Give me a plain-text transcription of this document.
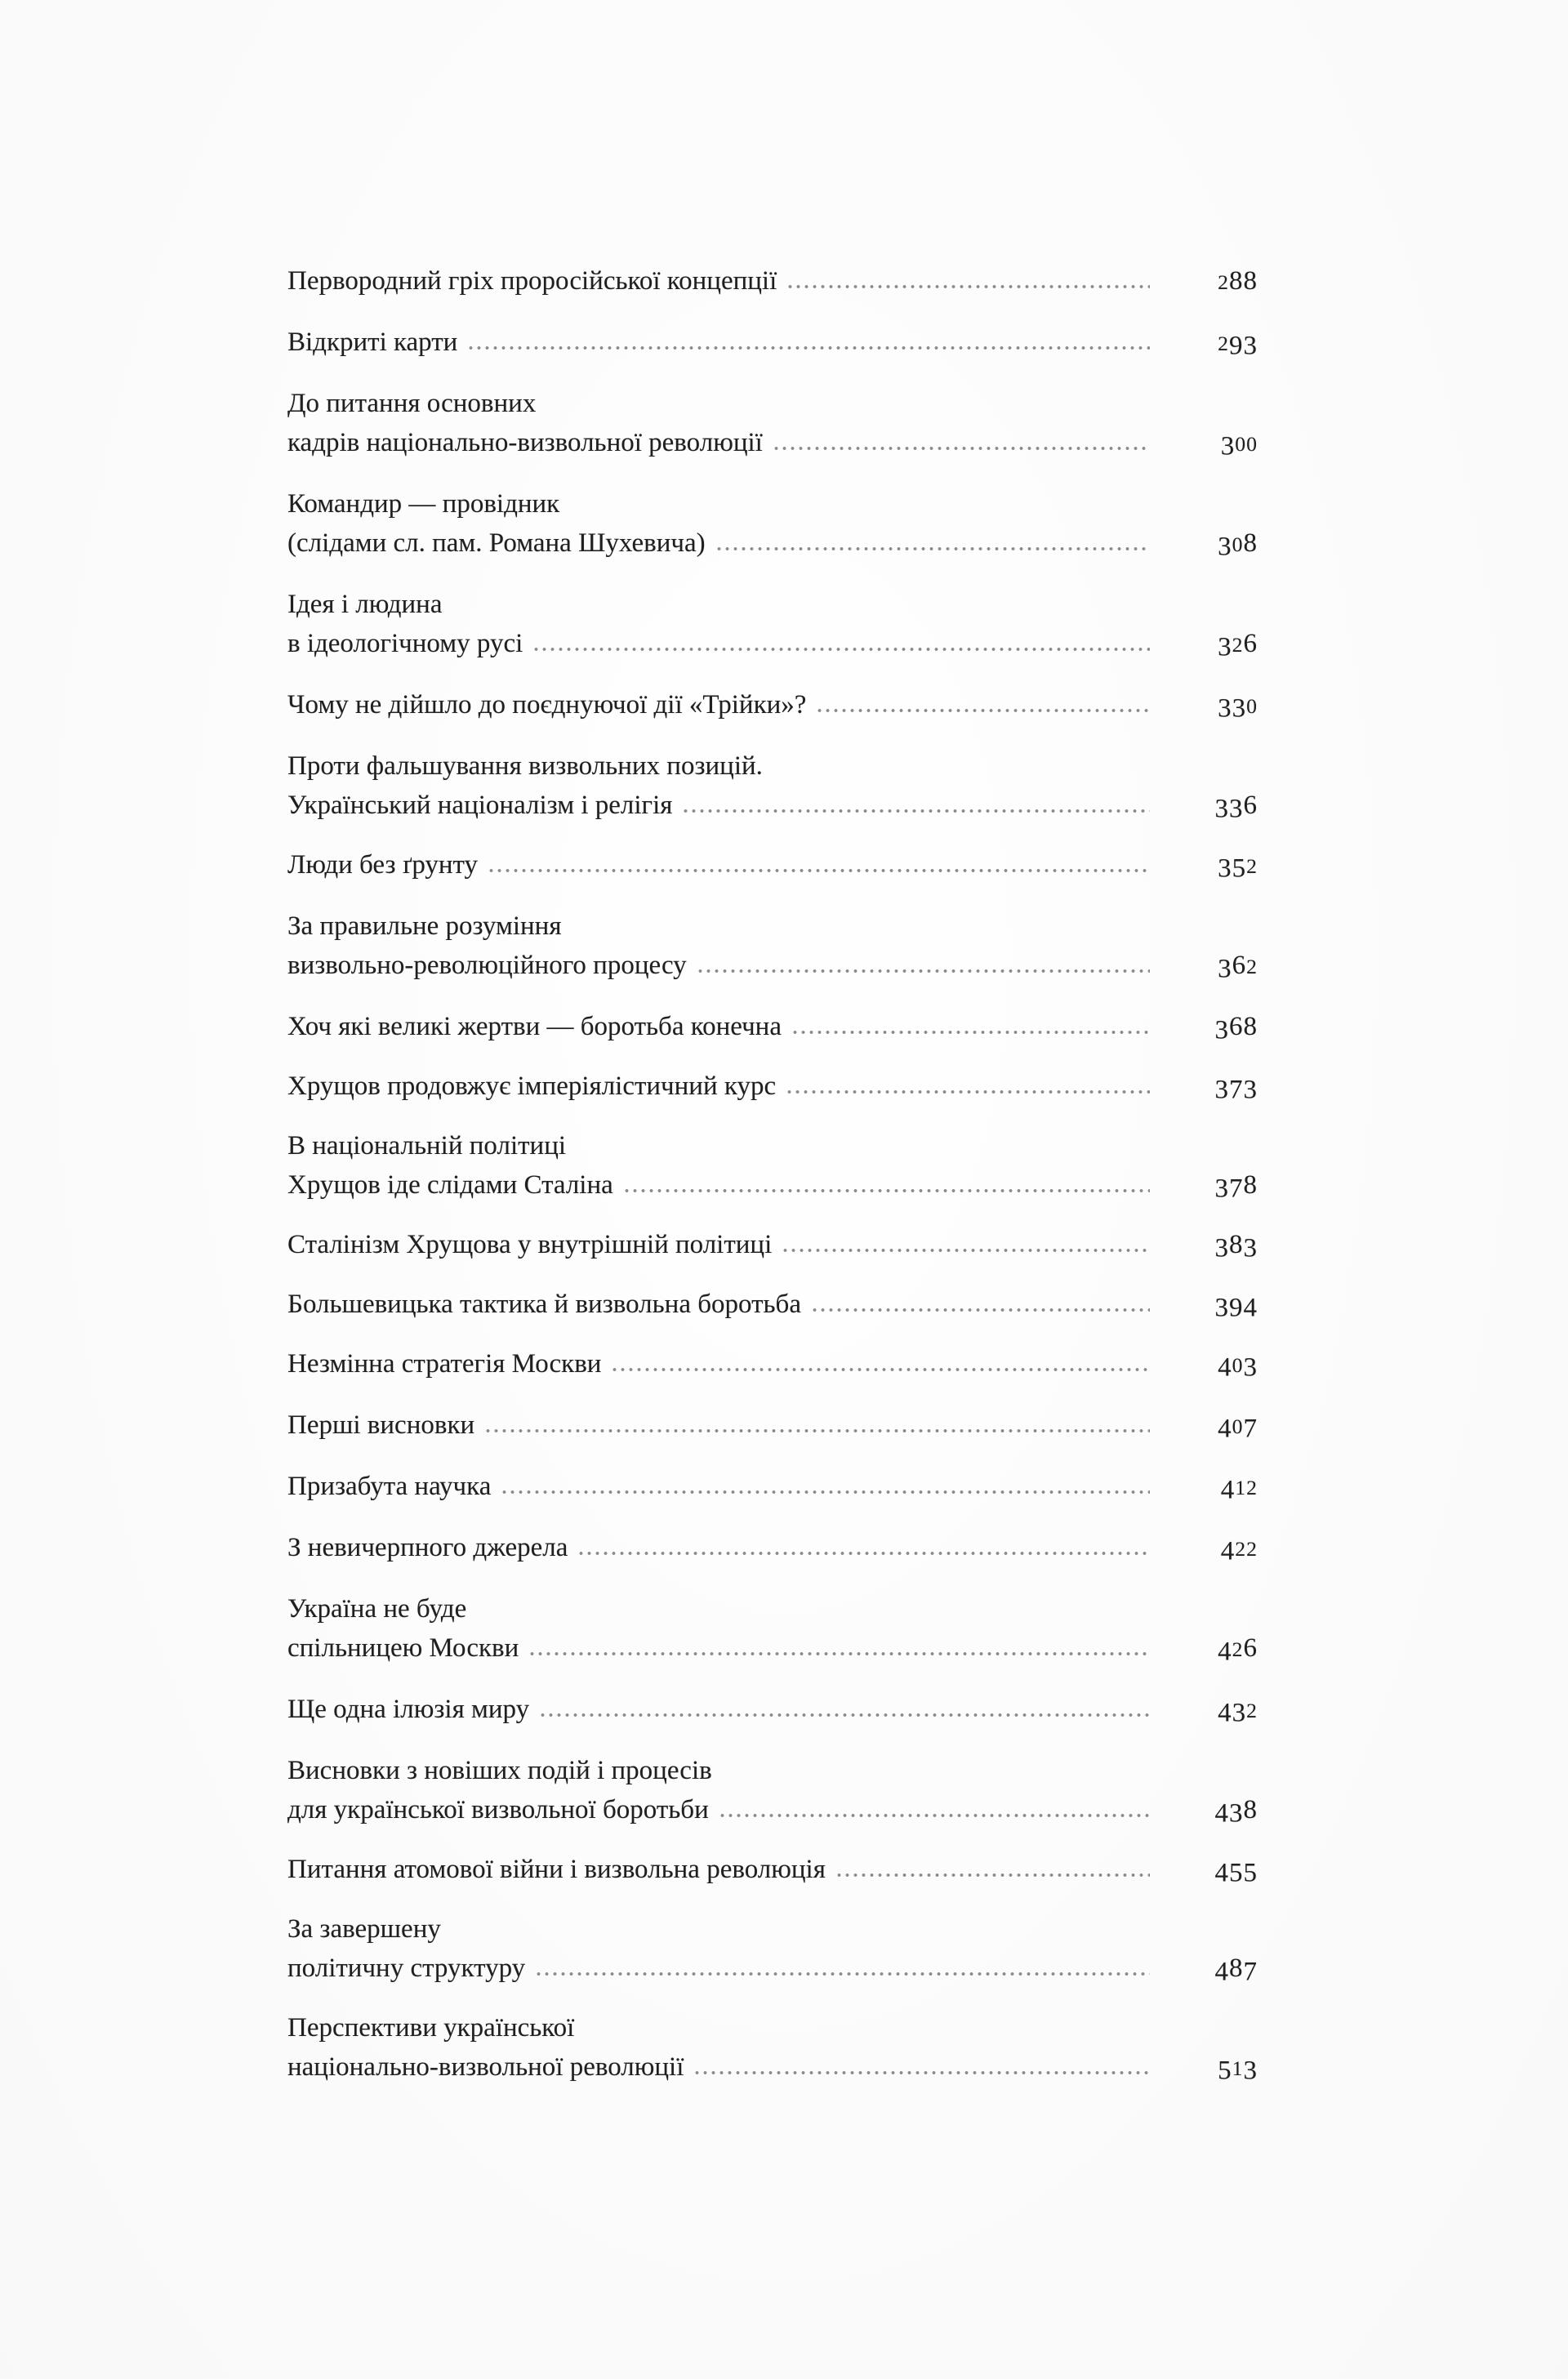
Первородний гріх проросійської концепції	288
Відкриті карти	293
До питання основних
кадрів національно-визвольної революції	300
Командир — провідник
(слідами сл. пам. Романа Шухевича)	308
Ідея і людина
в ідеологічному русі	326
Чому не дійшло до поєднуючої дії «Трійки»?	330
Проти фальшування визвольних позицій.
Український націоналізм і релігія	336
Люди без ґрунту	352
За правильне розуміння
визвольно-революційного процесу	362
Хоч які великі жертви — боротьба конечна	368
Хрущов продовжує імперіялістичний курс	373
В національній політиці
Хрущов іде слідами Сталіна	378
Сталінізм Хрущова у внутрішній політиці	383
Большевицька тактика й визвольна боротьба	394
Незмінна стратегія Москви	403
Перші висновки	407
Призабута научка	412
З невичерпного джерела	422
Україна не буде
спільницею Москви	426
Ще одна ілюзія миру	432
Висновки з новіших подій і процесів
для української визвольної боротьби	438
Питання атомової війни і визвольна революція	455
За завершену
політичну структуру	487
Перспективи української
національно-визвольної революції	513
